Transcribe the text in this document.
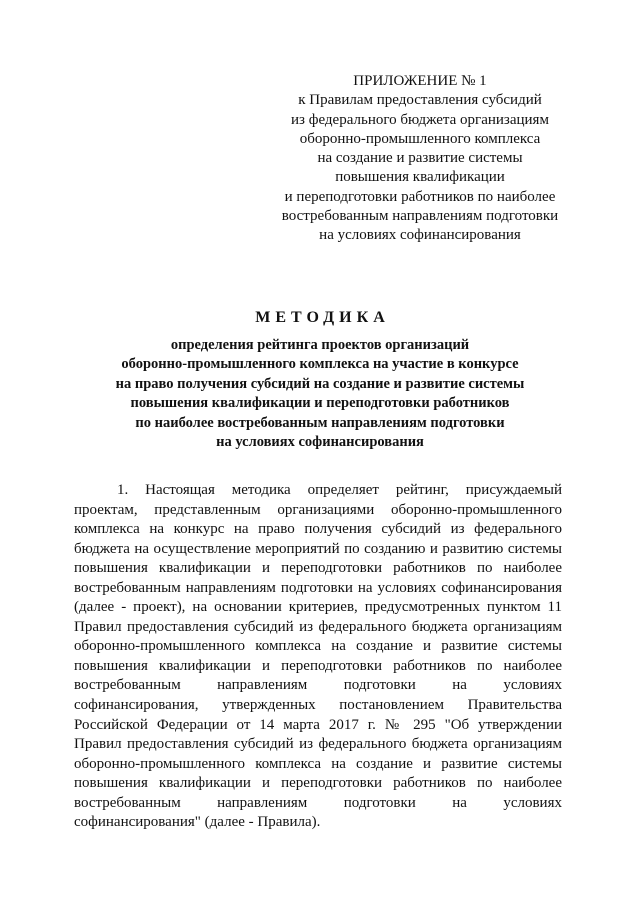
ПРИЛОЖЕНИЕ № 1
к Правилам предоставления субсидий
из федерального бюджета организациям
оборонно-промышленного комплекса
на создание и развитие системы
повышения квалификации
и переподготовки работников по наиболее
востребованным направлениям подготовки
на условиях софинансирования
МЕТОДИКА
определения рейтинга проектов организаций
оборонно-промышленного комплекса на участие в конкурсе
на право получения субсидий на создание и развитие системы
повышения квалификации и переподготовки работников
по наиболее востребованным направлениям подготовки
на условиях софинансирования
1. Настоящая методика определяет рейтинг, присуждаемый
проектам, представленным организациями оборонно-промышленного
комплекса на конкурс на право получения субсидий из федерального
бюджета на осуществление мероприятий по созданию и развитию системы
повышения квалификации и переподготовки работников по наиболее
востребованным направлениям подготовки на условиях софинансирования
(далее - проект), на основании критериев, предусмотренных пунктом 11
Правил предоставления субсидий из федерального бюджета организациям
оборонно-промышленного комплекса на создание и развитие системы
повышения квалификации и переподготовки работников по наиболее
востребованным направлениям подготовки на условиях
софинансирования, утвержденных постановлением Правительства
Российской Федерации от 14 марта 2017 г. № 295 "Об утверждении
Правил предоставления субсидий из федерального бюджета организациям
оборонно-промышленного комплекса на создание и развитие системы
повышения квалификации и переподготовки работников по наиболее
востребованным направлениям подготовки на условиях
софинансирования" (далее - Правила).
